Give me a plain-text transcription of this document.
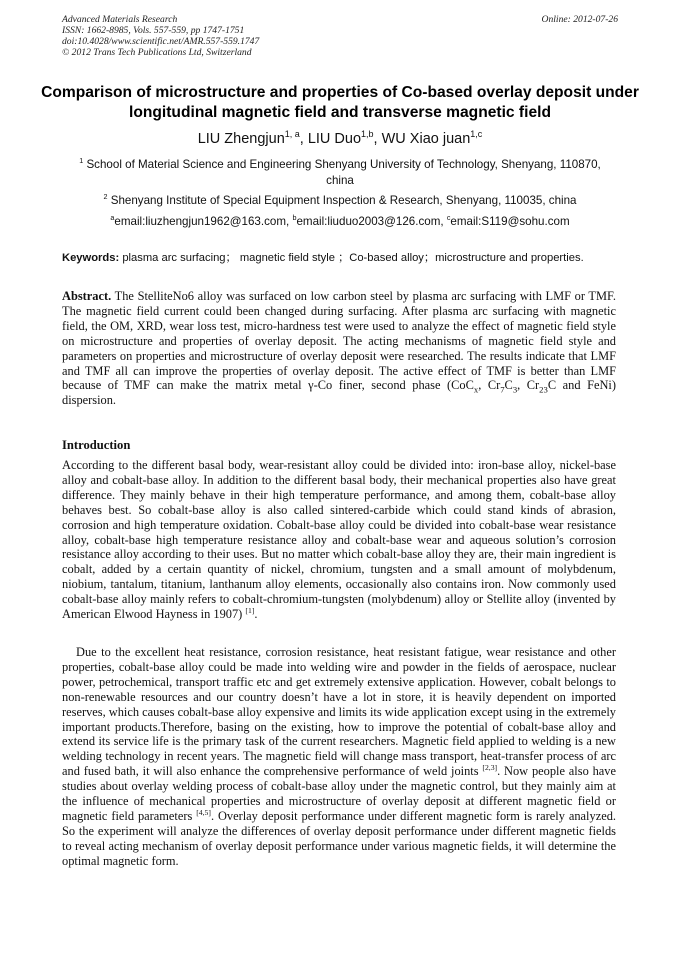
Advanced Materials Research
ISSN: 1662-8985, Vols. 557-559, pp 1747-1751
doi:10.4028/www.scientific.net/AMR.557-559.1747
© 2012 Trans Tech Publications Ltd, Switzerland
Online: 2012-07-26
Comparison of microstructure and properties of Co-based overlay deposit under longitudinal magnetic field and transverse magnetic field
LIU Zhengjun$^{1, a}$, LIU Duo$^{1,b}$, WU Xiao juan$^{1,c}$
$^1$ School of Material Science and Engineering Shenyang University of Technology, Shenyang, 110870, china
$^2$ Shenyang Institute of Special Equipment Inspection & Research, Shenyang, 110035, china
$^a$email:liuzhengjun1962@163.com, $^b$email:liuduo2003@126.com, $^c$email:S119@sohu.com
Keywords: plasma arc surfacing； magnetic field style ；Co-based alloy；microstructure and properties.

Abstract. The StelliteNo6 alloy was surfaced on low carbon steel by plasma arc surfacing with LMF or TMF. The magnetic field current could been changed during surfacing. After plasma arc surfacing with magnetic field, the OM, XRD, wear loss test, micro-hardness test were used to analyze the effect of magnetic field style on microstructure and properties of overlay deposit. The acting mechanisms of magnetic field style and parameters on properties and microstructure of overlay deposit were researched. The results indicate that LMF and TMF all can improve the properties of overlay deposit. The active effect of TMF is better than LMF because of TMF can make the matrix metal γ-Co finer, second phase (CoC$_x$, $Cr_7C_3$, $Cr_{23}C$ and FeNi) dispersion.

Introduction

According to the different basal body, wear-resistant alloy could be divided into: iron-base alloy, nickel-base alloy and cobalt-base alloy. In addition to the different basal body, their mechanical properties also have great difference. They mainly behave in their high temperature performance, and among them, cobalt-base alloy behaves best. So cobalt-base alloy is also called sintered-carbide which could stand kinds of abrasion, corrosion and high temperature oxidation. Cobalt-base alloy could be divided into cobalt-base wear resistance alloy, cobalt-base high temperature resistance alloy and cobalt-base wear and aqueous solution’s corrosion resistance alloy according to their uses. But no matter which cobalt-base alloy they are, their main ingredient is cobalt, added by a certain quantity of nickel, chromium, tungsten and a small amount of molybdenum, niobium, tantalum, titanium, lanthanum alloy elements, occasionally also contains iron. Now commonly used cobalt-base alloy mainly refers to cobalt-chromium-tungsten (molybdenum) alloy or Stellite alloy (invented by American Elwood Hayness in 1907) [1].

Due to the excellent heat resistance, corrosion resistance, heat resistant fatigue, wear resistance and other properties, cobalt-base alloy could be made into welding wire and powder in the fields of aerospace, nuclear power, petrochemical, transport traffic etc and get extremely extensive application. However, cobalt belongs to non-renewable resources and our country doesn’t have a lot in store, it is heavily dependent on imported reserves, which causes cobalt-base alloy expensive and limits its wide application except using in the extremely important products.Therefore, basing on the existing, how to improve the potential of cobalt-base alloy and extend its service life is the primary task of the current researchers. Magnetic field applied to welding is a new welding technology in recent years. The magnetic field will change mass transport, heat-transfer process of arc and fused bath, it will also enhance the comprehensive performance of weld joints [2,3]. Now people also have studies about overlay welding process of cobalt-base alloy under the magnetic control, but they mainly aim at the influence of mechanical properties and microstructure of overlay deposit at different magnetic field or magnetic field parameters [4,5]. Overlay deposit performance under different magnetic form is rarely analyzed. So the experiment will analyze the differences of overlay deposit performance under different magnetic fields to reveal acting mechanism of overlay deposit performance under various magnetic fields, it will determine the optimal magnetic form.
